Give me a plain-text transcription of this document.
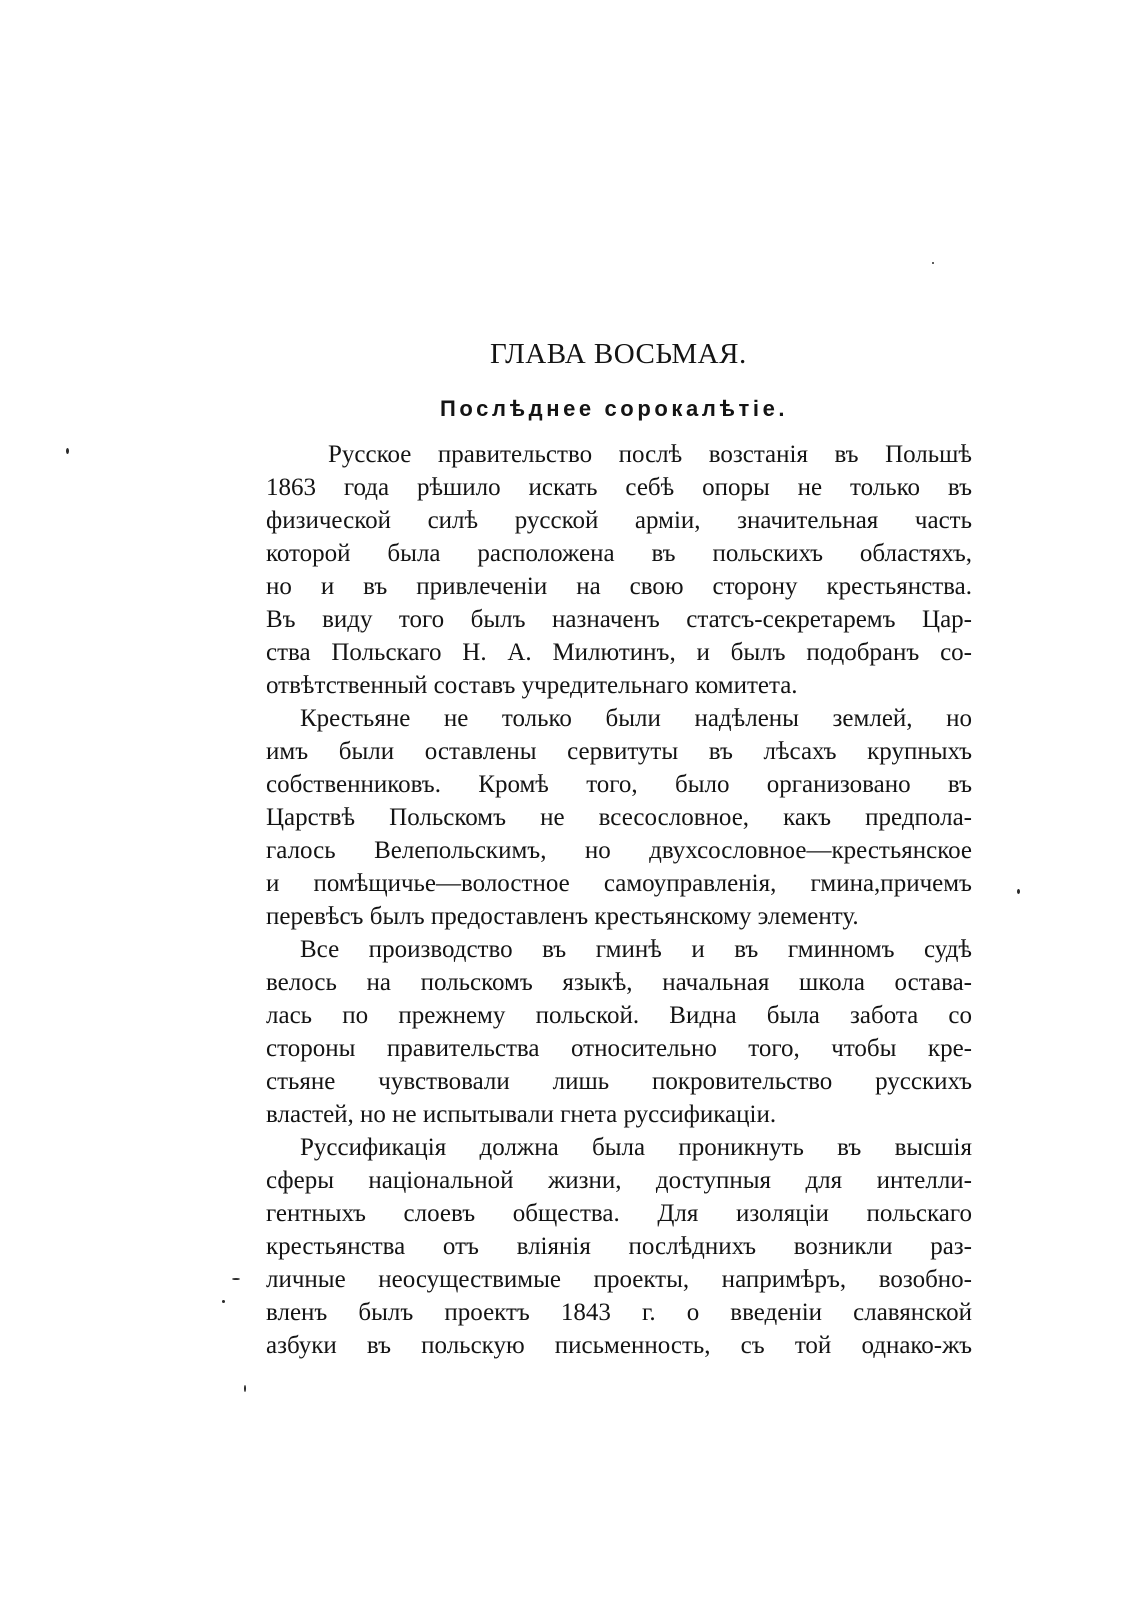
ГЛАВА ВОСЬМАЯ.
Послѣднее сорокалѣтіе.
Русское правительство послѣ возстанія въ Польшѣ
1863 года рѣшило искать себѣ опоры не только въ
физической силѣ русской арміи, значительная часть
которой была расположена въ польскихъ областяхъ,
но и въ привлеченіи на свою сторону крестьянства.
Въ виду того былъ назначенъ статсъ-секретаремъ Цар-
ства Польскаго Н. А. Милютинъ, и былъ подобранъ со-
отвѣтственный составъ учредительнаго комитета.
Крестьяне не только были надѣлены землей, но
имъ были оставлены сервитуты въ лѣсахъ крупныхъ
собственниковъ. Кромѣ того, было организовано въ
Царствѣ Польскомъ не всесословное, какъ предпола-
галось Велепольскимъ, но двухсословное—крестьянское
и помѣщичье—волостное самоуправленія, гмина,причемъ
перевѣсъ былъ предоставленъ крестьянскому элементу.
Все производство въ гминѣ и въ гминномъ судѣ
велось на польскомъ языкѣ, начальная школа остава-
лась по прежнему польской. Видна была забота со
стороны правительства относительно того, чтобы кре-
стьяне чувствовали лишь покровительство русскихъ
властей, но не испытывали гнета руссификаціи.
Руссификація должна была проникнуть въ высшія
сферы національной жизни, доступныя для интелли-
гентныхъ слоевъ общества. Для изоляціи польскаго
крестьянства отъ вліянія послѣднихъ возникли раз-
личные неосуществимые проекты, напримѣръ, возобно-
вленъ былъ проектъ 1843 г. о введеніи славянской
азбуки въ польскую письменность, съ той однако-жъ
